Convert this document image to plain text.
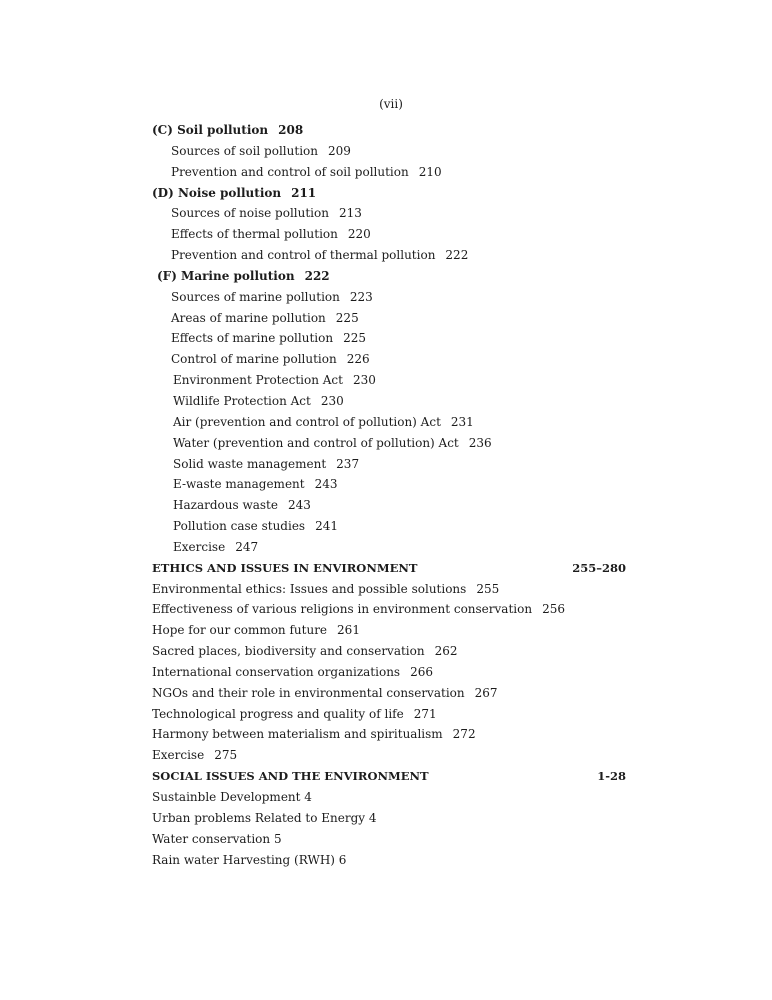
(vii)
(C) Soil pollution 208
Sources of soil pollution 209
Prevention and control of soil pollution 210
(D) Noise pollution 211
Sources of noise pollution 213
Effects of thermal pollution 220
Prevention and control of thermal pollution 222
(F) Marine pollution 222
Sources of marine pollution 223
Areas of marine pollution 225
Effects of marine pollution 225
Control of marine pollution 226
Environment Protection Act 230
Wildlife Protection Act 230
Air (prevention and control of pollution) Act 231
Water (prevention and control of pollution) Act 236
Solid waste management 237
E-waste management 243
Hazardous waste 243
Pollution case studies 241
Exercise 247
ETHICS AND ISSUES IN ENVIRONMENT	255–280
Environmental ethics: Issues and possible solutions 255
Effectiveness of various religions in environment conservation 256
Hope for our common future 261
Sacred places, biodiversity and conservation 262
International conservation organizations 266
NGOs and their role in environmental conservation 267
Technological progress and quality of life 271
Harmony between materialism and spiritualism 272
Exercise 275
SOCIAL ISSUES AND THE ENVIRONMENT	1-28
Sustainble Development 4
Urban problems Related to Energy 4
Water conservation 5
Rain water Harvesting (RWH) 6
